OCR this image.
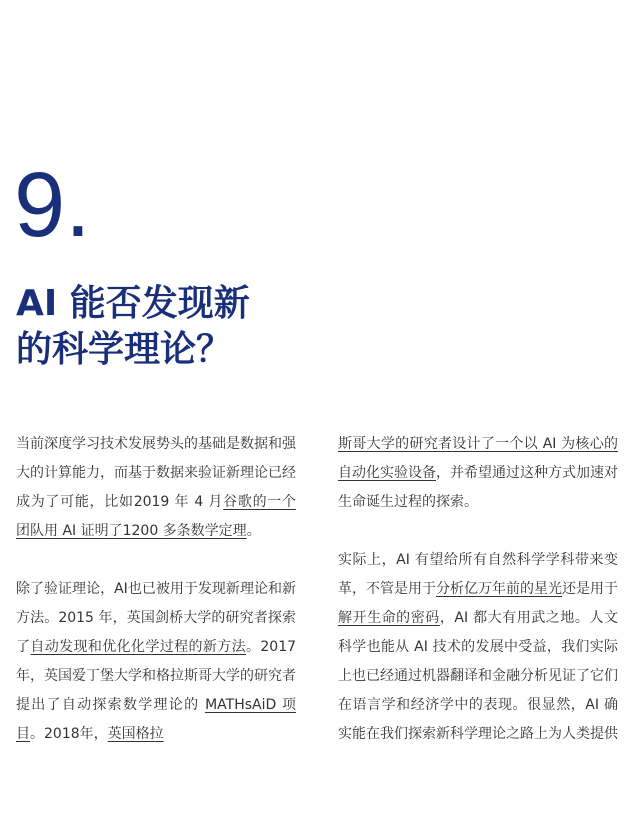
9.
AI 能否发现新
的科学理论？

当前深度学习技术发展势头的基础是数据和强大的计算能力，而基于数据来验证新理论已经成为了可能，比如2019 年 4 月谷歌的一个团队用 AI 证明了1200 多条数学定理。

除了验证理论，AI也已被用于发现新理论和新方法。2015 年，英国剑桥大学的研究者探索了自动发现和优化化学过程的新方法。2017 年，英国爱丁堡大学和格拉斯哥大学的研究者提出了自动探索数学理论的 MATHsAiD 项目。2018年，英国格拉

斯哥大学的研究者设计了一个以 AI 为核心的自动化实验设备，并希望通过这种方式加速对生命诞生过程的探索。

实际上，AI 有望给所有自然科学学科带来变革，不管是用于分析亿万年前的星光还是用于解开生命的密码，AI 都大有用武之地。人文科学也能从 AI 技术的发展中受益，我们实际上也已经通过机器翻译和金融分析见证了它们在语言学和经济学中的表现。很显然，AI 确实能在我们探索新科学理论之路上为人类提供
